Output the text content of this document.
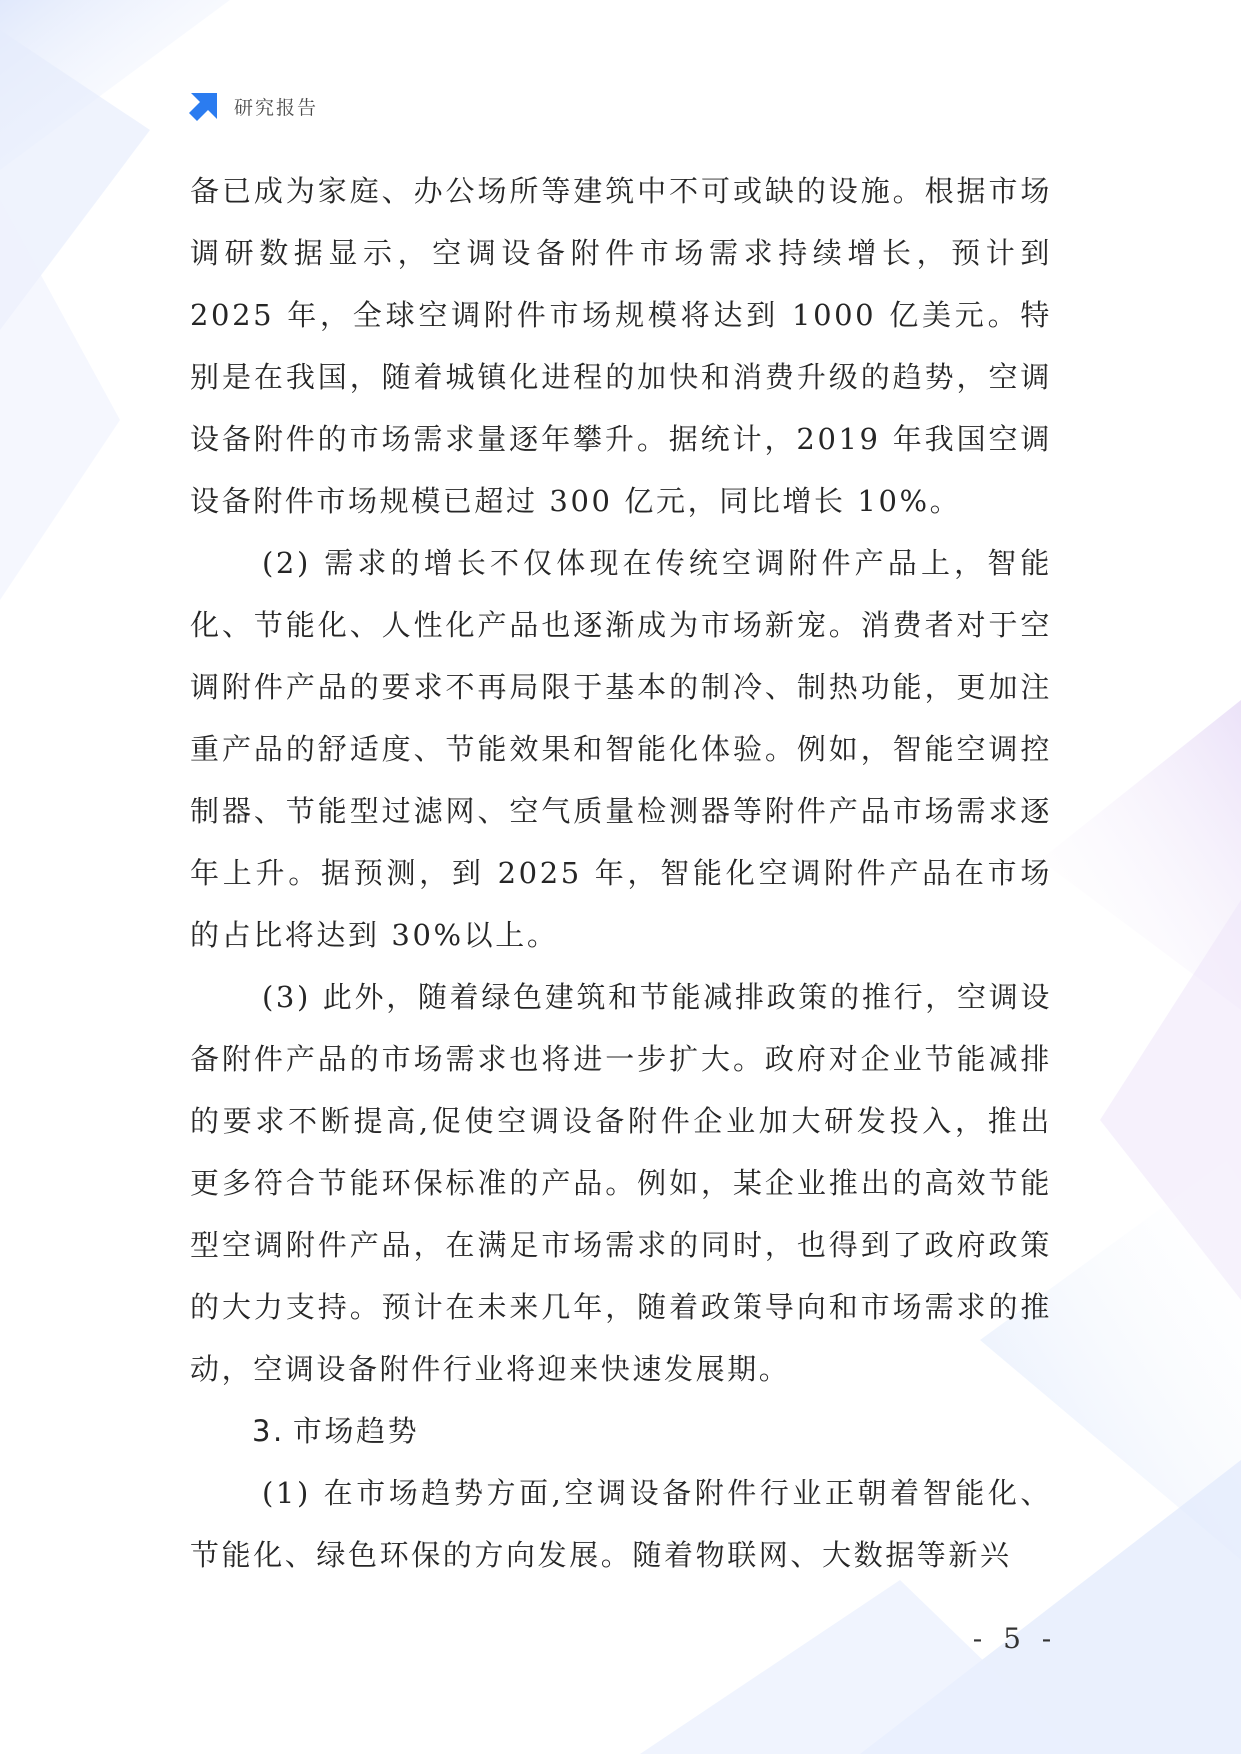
研究报告

备已成为家庭、办公场所等建筑中不可或缺的设施。根据市场调研数据显示，空调设备附件市场需求持续增长，预计到2025 年，全球空调附件市场规模将达到 1000 亿美元。特别是在我国，随着城镇化进程的加快和消费升级的趋势，空调设备附件的市场需求量逐年攀升。据统计，2019 年我国空调设备附件市场规模已超过 300 亿元，同比增长 10%。

(2) 需求的增长不仅体现在传统空调附件产品上，智能化、节能化、人性化产品也逐渐成为市场新宠。消费者对于空调附件产品的要求不再局限于基本的制冷、制热功能，更加注重产品的舒适度、节能效果和智能化体验。例如，智能空调控制器、节能型过滤网、空气质量检测器等附件产品市场需求逐年上升。据预测，到 2025 年，智能化空调附件产品在市场的占比将达到 30%以上。

(3) 此外，随着绿色建筑和节能减排政策的推行，空调设备附件产品的市场需求也将进一步扩大。政府对企业节能减排的要求不断提高,促使空调设备附件企业加大研发投入，推出更多符合节能环保标准的产品。例如，某企业推出的高效节能型空调附件产品，在满足市场需求的同时，也得到了政府政策的大力支持。预计在未来几年，随着政策导向和市场需求的推动，空调设备附件行业将迎来快速发展期。

3. 市场趋势

(1) 在市场趋势方面,空调设备附件行业正朝着智能化、节能化、绿色环保的方向发展。随着物联网、大数据等新兴

- 5 -
